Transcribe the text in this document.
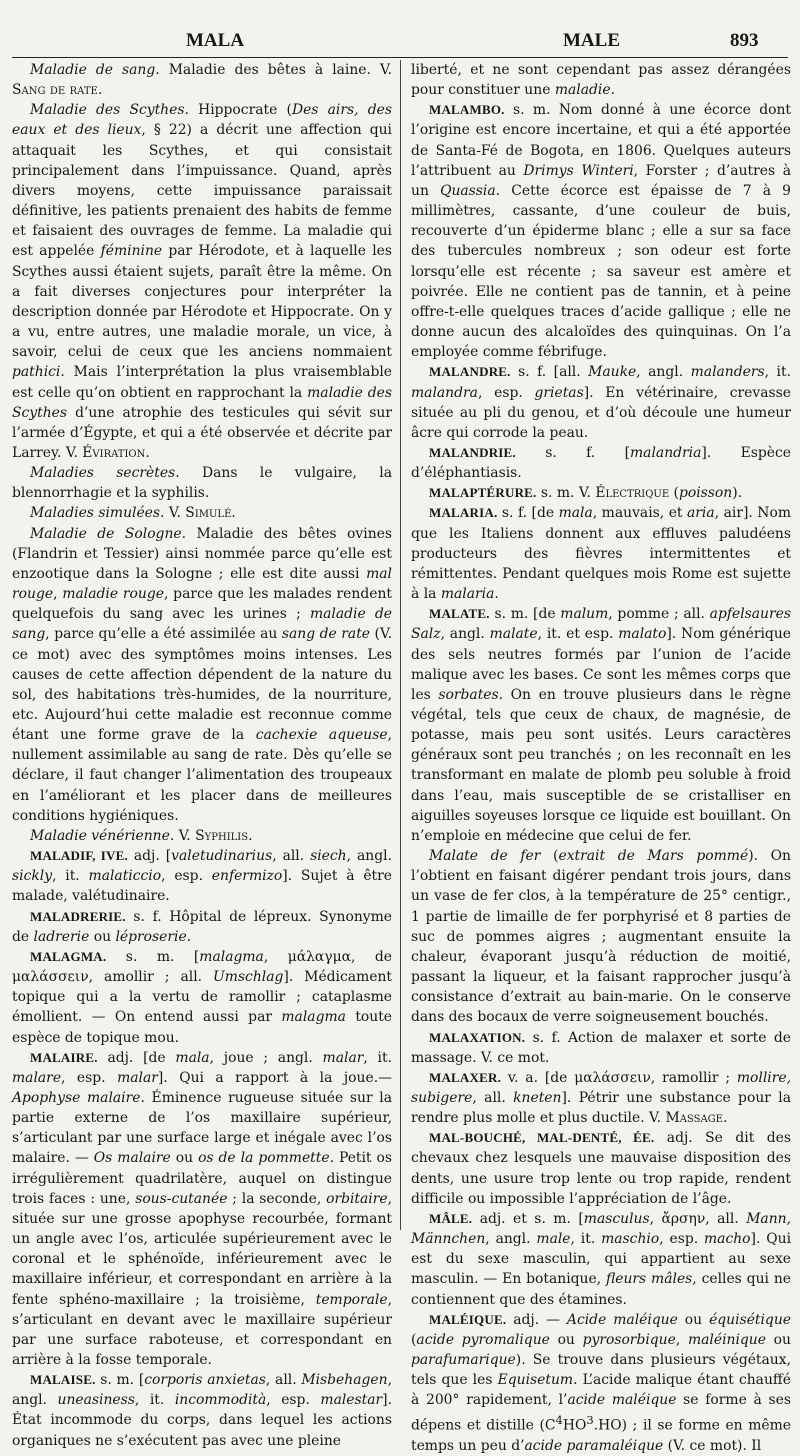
MALA	MALE	893

Maladie de sang. Maladie des bêtes à laine. V. Sang de rate.

Maladie des Scythes. Hippocrate (Des airs, des eaux et des lieux, § 22) a décrit une affection qui attaquait les Scythes, et qui consistait principalement dans l’impuissance. Quand, après divers moyens, cette impuissance paraissait définitive, les patients prenaient des habits de femme et faisaient des ouvrages de femme. La maladie qui est appelée féminine par Hérodote, et à laquelle les Scythes aussi étaient sujets, paraît être la même. On a fait diverses conjectures pour interpréter la description donnée par Hérodote et Hippocrate. On y a vu, entre autres, une maladie morale, un vice, à savoir, celui de ceux que les anciens nommaient pathici. Mais l’interprétation la plus vraisemblable est celle qu’on obtient en rapprochant la maladie des Scythes d’une atrophie des testicules qui sévit sur l’armée d’Égypte, et qui a été observée et décrite par Larrey. V. Éviration.

Maladies secrètes. Dans le vulgaire, la blennorrhagie et la syphilis.

Maladies simulées. V. Simulé.

Maladie de Sologne. Maladie des bêtes ovines (Flandrin et Tessier) ainsi nommée parce qu’elle est enzootique dans la Sologne ; elle est dite aussi mal rouge, maladie rouge, parce que les malades rendent quelquefois du sang avec les urines ; maladie de sang, parce qu’elle a été assimilée au sang de rate (V. ce mot) avec des symptômes moins intenses. Les causes de cette affection dépendent de la nature du sol, des habitations très-humides, de la nourriture, etc. Aujourd’hui cette maladie est reconnue comme étant une forme grave de la cachexie aqueuse, nullement assimilable au sang de rate. Dès qu’elle se déclare, il faut changer l’alimentation des troupeaux en l’améliorant et les placer dans de meilleures conditions hygiéniques.

Maladie vénérienne. V. Syphilis.

MALADIF, IVE. adj. [valetudinarius, all. siech, angl. sickly, it. malaticcio, esp. enfermizo]. Sujet à être malade, valétudinaire.

MALADRERIE. s. f. Hôpital de lépreux. Synonyme de ladrerie ou léproserie.

MALAGMA. s. m. [malagma, μάλαγμα, de μαλάσσειν, amollir ; all. Umschlag]. Médicament topique qui a la vertu de ramollir ; cataplasme émollient. — On entend aussi par malagma toute espèce de topique mou.

MALAIRE. adj. [de mala, joue ; angl. malar, it. malare, esp. malar]. Qui a rapport à la joue.— Apophyse malaire. Éminence rugueuse située sur la partie externe de l’os maxillaire supérieur, s’articulant par une surface large et inégale avec l’os malaire. — Os malaire ou os de la pommette. Petit os irrégulièrement quadrilatère, auquel on distingue trois faces : une, sous-cutanée ; la seconde, orbitaire, située sur une grosse apophyse recourbée, formant un angle avec l’os, articulée supérieurement avec le coronal et le sphénoïde, inférieurement avec le maxillaire inférieur, et correspondant en arrière à la fente sphéno-maxillaire ; la troisième, temporale, s’articulant en devant avec le maxillaire supérieur par une surface raboteuse, et correspondant en arrière à la fosse temporale.

MALAISE. s. m. [corporis anxietas, all. Misbehagen, angl. uneasiness, it. incommodità, esp. malestar]. État incommode du corps, dans lequel les actions organiques ne s’exécutent pas avec une pleine

liberté, et ne sont cependant pas assez dérangées pour constituer une maladie.

MALAMBO. s. m. Nom donné à une écorce dont l’origine est encore incertaine, et qui a été apportée de Santa-Fé de Bogota, en 1806. Quelques auteurs l’attribuent au Drimys Winteri, Forster ; d’autres à un Quassia. Cette écorce est épaisse de 7 à 9 millimètres, cassante, d’une couleur de buis, recouverte d’un épiderme blanc ; elle a sur sa face des tubercules nombreux ; son odeur est forte lorsqu’elle est récente ; sa saveur est amère et poivrée. Elle ne contient pas de tannin, et à peine offre-t-elle quelques traces d’acide gallique ; elle ne donne aucun des alcaloïdes des quinquinas. On l’a employée comme fébrifuge.

MALANDRE. s. f. [all. Mauke, angl. malanders, it. malandra, esp. grietas]. En vétérinaire, crevasse située au pli du genou, et d’où découle une humeur âcre qui corrode la peau.

MALANDRIE. s. f. [malandria]. Espèce d’éléphantiasis.

MALAPTÉRURE. s. m. V. Électrique (poisson).

MALARIA. s. f. [de mala, mauvais, et aria, air]. Nom que les Italiens donnent aux effluves paludéens producteurs des fièvres intermittentes et rémittentes. Pendant quelques mois Rome est sujette à la malaria.

MALATE. s. m. [de malum, pomme ; all. apfelsaures Salz, angl. malate, it. et esp. malato]. Nom générique des sels neutres formés par l’union de l’acide malique avec les bases. Ce sont les mêmes corps que les sorbates. On en trouve plusieurs dans le règne végétal, tels que ceux de chaux, de magnésie, de potasse, mais peu sont usités. Leurs caractères généraux sont peu tranchés ; on les reconnaît en les transformant en malate de plomb peu soluble à froid dans l’eau, mais susceptible de se cristalliser en aiguilles soyeuses lorsque ce liquide est bouillant. On n’emploie en médecine que celui de fer.

Malate de fer (extrait de Mars pommé). On l’obtient en faisant digérer pendant trois jours, dans un vase de fer clos, à la température de 25° centigr., 1 partie de limaille de fer porphyrisé et 8 parties de suc de pommes aigres ; augmentant ensuite la chaleur, évaporant jusqu’à réduction de moitié, passant la liqueur, et la faisant rapprocher jusqu’à consistance d’extrait au bain-marie. On le conserve dans des bocaux de verre soigneusement bouchés.

MALAXATION. s. f. Action de malaxer et sorte de massage. V. ce mot.

MALAXER. v. a. [de μαλάσσειν, ramollir ; mollire, subigere, all. kneten]. Pétrir une substance pour la rendre plus molle et plus ductile. V. Massage.

MAL-BOUCHÉ, MAL-DENTÉ, ÉE. adj. Se dit des chevaux chez lesquels une mauvaise disposition des dents, une usure trop lente ou trop rapide, rendent difficile ou impossible l’appréciation de l’âge.

MÂLE. adj. et s. m. [masculus, ἄρσην, all. Mann, Männchen, angl. male, it. maschio, esp. macho]. Qui est du sexe masculin, qui appartient au sexe masculin. — En botanique, fleurs mâles, celles qui ne contiennent que des étamines.

MALÉIQUE. adj. — Acide maléique ou équisétique (acide pyromalique ou pyrosorbique, maléinique ou parafumarique). Se trouve dans plusieurs végétaux, tels que les Equisetum. L’acide malique étant chauffé à 200° rapidement, l’acide maléique se forme à ses dépens et distille $(C^4HO^3.HO)$ ; il se forme en même temps un peu d’acide paramaléique (V. ce mot). Il
